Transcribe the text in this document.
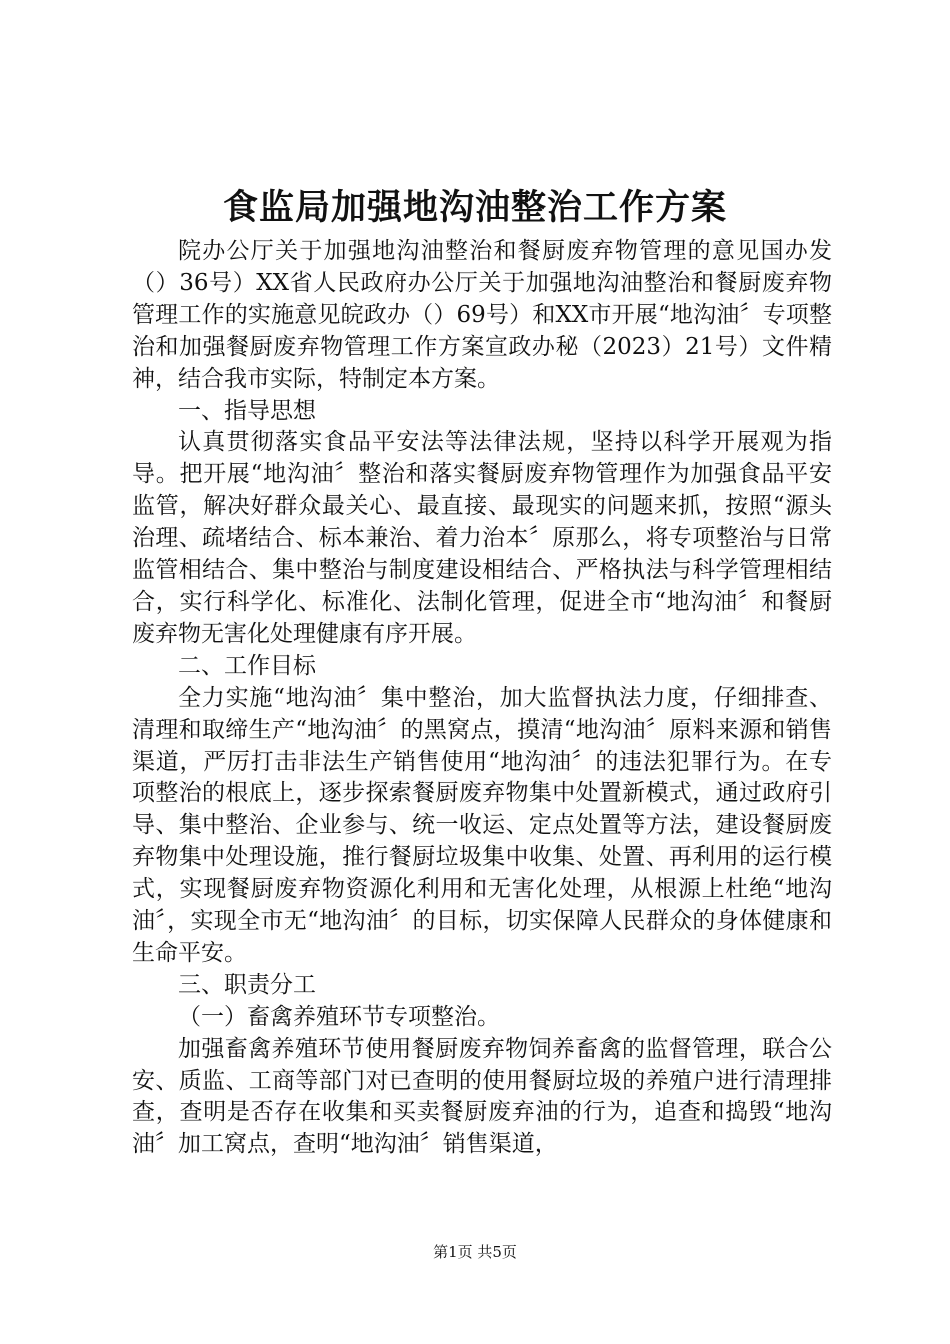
食监局加强地沟油整治工作方案

院办公厅关于加强地沟油整治和餐厨废弃物管理的意见国办发（）36号）XX省人民政府办公厅关于加强地沟油整治和餐厨废弃物管理工作的实施意见皖政办（）69号）和XX市开展“地沟油〞专项整治和加强餐厨废弃物管理工作方案宣政办秘（2023）21号）文件精神，结合我市实际，特制定本方案。

一、指导思想

认真贯彻落实食品平安法等法律法规，坚持以科学开展观为指导。把开展“地沟油〞整治和落实餐厨废弃物管理作为加强食品平安监管，解决好群众最关心、最直接、最现实的问题来抓，按照“源头治理、疏堵结合、标本兼治、着力治本〞原那么，将专项整治与日常监管相结合、集中整治与制度建设相结合、严格执法与科学管理相结合，实行科学化、标准化、法制化管理，促进全市“地沟油〞和餐厨废弃物无害化处理健康有序开展。

二、工作目标

全力实施“地沟油〞集中整治，加大监督执法力度，仔细排查、清理和取缔生产“地沟油〞的黑窝点，摸清“地沟油〞原料来源和销售渠道，严厉打击非法生产销售使用“地沟油〞的违法犯罪行为。在专项整治的根底上，逐步探索餐厨废弃物集中处置新模式，通过政府引导、集中整治、企业参与、统一收运、定点处置等方法，建设餐厨废弃物集中处理设施，推行餐厨垃圾集中收集、处置、再利用的运行模式，实现餐厨废弃物资源化利用和无害化处理，从根源上杜绝“地沟油〞，实现全市无“地沟油〞的目标，切实保障人民群众的身体健康和生命平安。

三、职责分工

（一）畜禽养殖环节专项整治。

加强畜禽养殖环节使用餐厨废弃物饲养畜禽的监督管理，联合公安、质监、工商等部门对已查明的使用餐厨垃圾的养殖户进行清理排查，查明是否存在收集和买卖餐厨废弃油的行为，追查和捣毁“地沟油〞加工窝点，查明“地沟油〞销售渠道，

第1页 共5页
